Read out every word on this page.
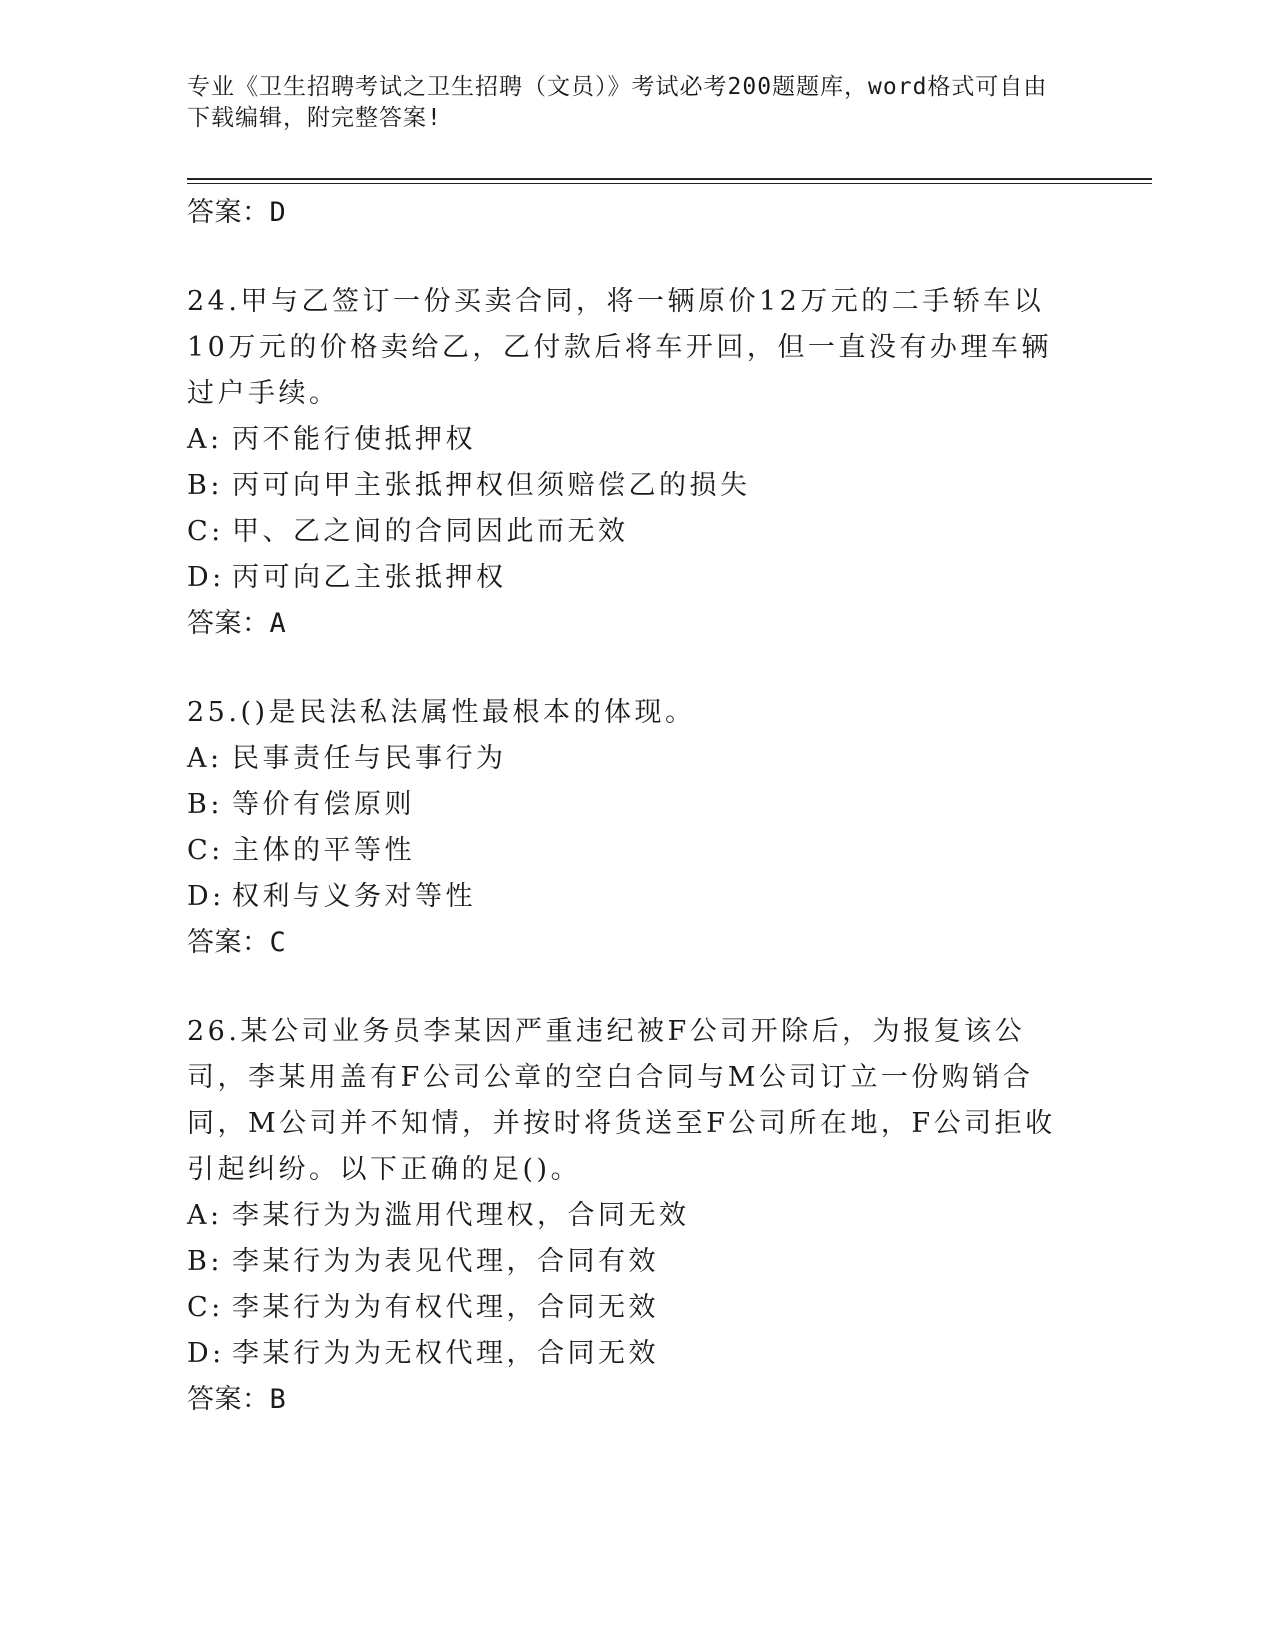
专业《卫生招聘考试之卫生招聘（文员）》考试必考200题题库，word格式可自由下载编辑，附完整答案!
答案：D
24.甲与乙签订一份买卖合同，将一辆原价12万元的二手轿车以10万元的价格卖给乙，乙付款后将车开回，但一直没有办理车辆过户手续。
A: 丙不能行使抵押权
B: 丙可向甲主张抵押权但须赔偿乙的损失
C: 甲、乙之间的合同因此而无效
D: 丙可向乙主张抵押权
答案：A
25.()是民法私法属性最根本的体现。
A: 民事责任与民事行为
B: 等价有偿原则
C: 主体的平等性
D: 权利与义务对等性
答案：C
26.某公司业务员李某因严重违纪被F公司开除后，为报复该公司，李某用盖有F公司公章的空白合同与M公司订立一份购销合同，M公司并不知情，并按时将货送至F公司所在地，F公司拒收引起纠纷。以下正确的足()。
A: 李某行为为滥用代理权，合同无效
B: 李某行为为表见代理，合同有效
C: 李某行为为有权代理，合同无效
D: 李某行为为无权代理，合同无效
答案：B
